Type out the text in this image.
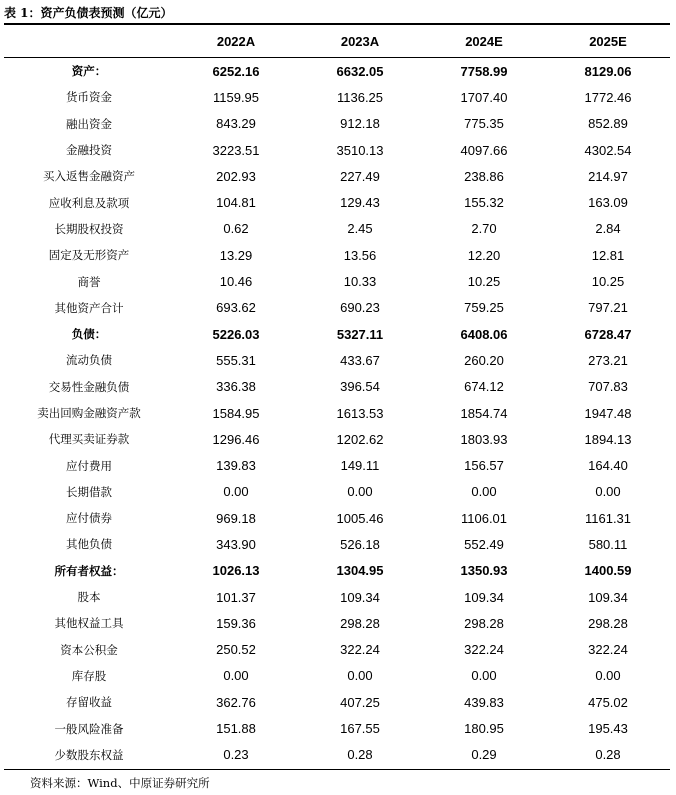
表 1：资产负债表预测（亿元）
	2022A	2023A	2024E	2025E
资产：	6252.16	6632.05	7758.99	8129.06
货币资金	1159.95	1136.25	1707.40	1772.46
融出资金	843.29	912.18	775.35	852.89
金融投资	3223.51	3510.13	4097.66	4302.54
买入返售金融资产	202.93	227.49	238.86	214.97
应收利息及款项	104.81	129.43	155.32	163.09
长期股权投资	0.62	2.45	2.70	2.84
固定及无形资产	13.29	13.56	12.20	12.81
商誉	10.46	10.33	10.25	10.25
其他资产合计	693.62	690.23	759.25	797.21
负债：	5226.03	5327.11	6408.06	6728.47
流动负债	555.31	433.67	260.20	273.21
交易性金融负债	336.38	396.54	674.12	707.83
卖出回购金融资产款	1584.95	1613.53	1854.74	1947.48
代理买卖证券款	1296.46	1202.62	1803.93	1894.13
应付费用	139.83	149.11	156.57	164.40
长期借款	0.00	0.00	0.00	0.00
应付债券	969.18	1005.46	1106.01	1161.31
其他负债	343.90	526.18	552.49	580.11
所有者权益：	1026.13	1304.95	1350.93	1400.59
股本	101.37	109.34	109.34	109.34
其他权益工具	159.36	298.28	298.28	298.28
资本公积金	250.52	322.24	322.24	322.24
库存股	0.00	0.00	0.00	0.00
存留收益	362.76	407.25	439.83	475.02
一般风险准备	151.88	167.55	180.95	195.43
少数股东权益	0.23	0.28	0.29	0.28
资料来源：Wind、中原证券研究所
